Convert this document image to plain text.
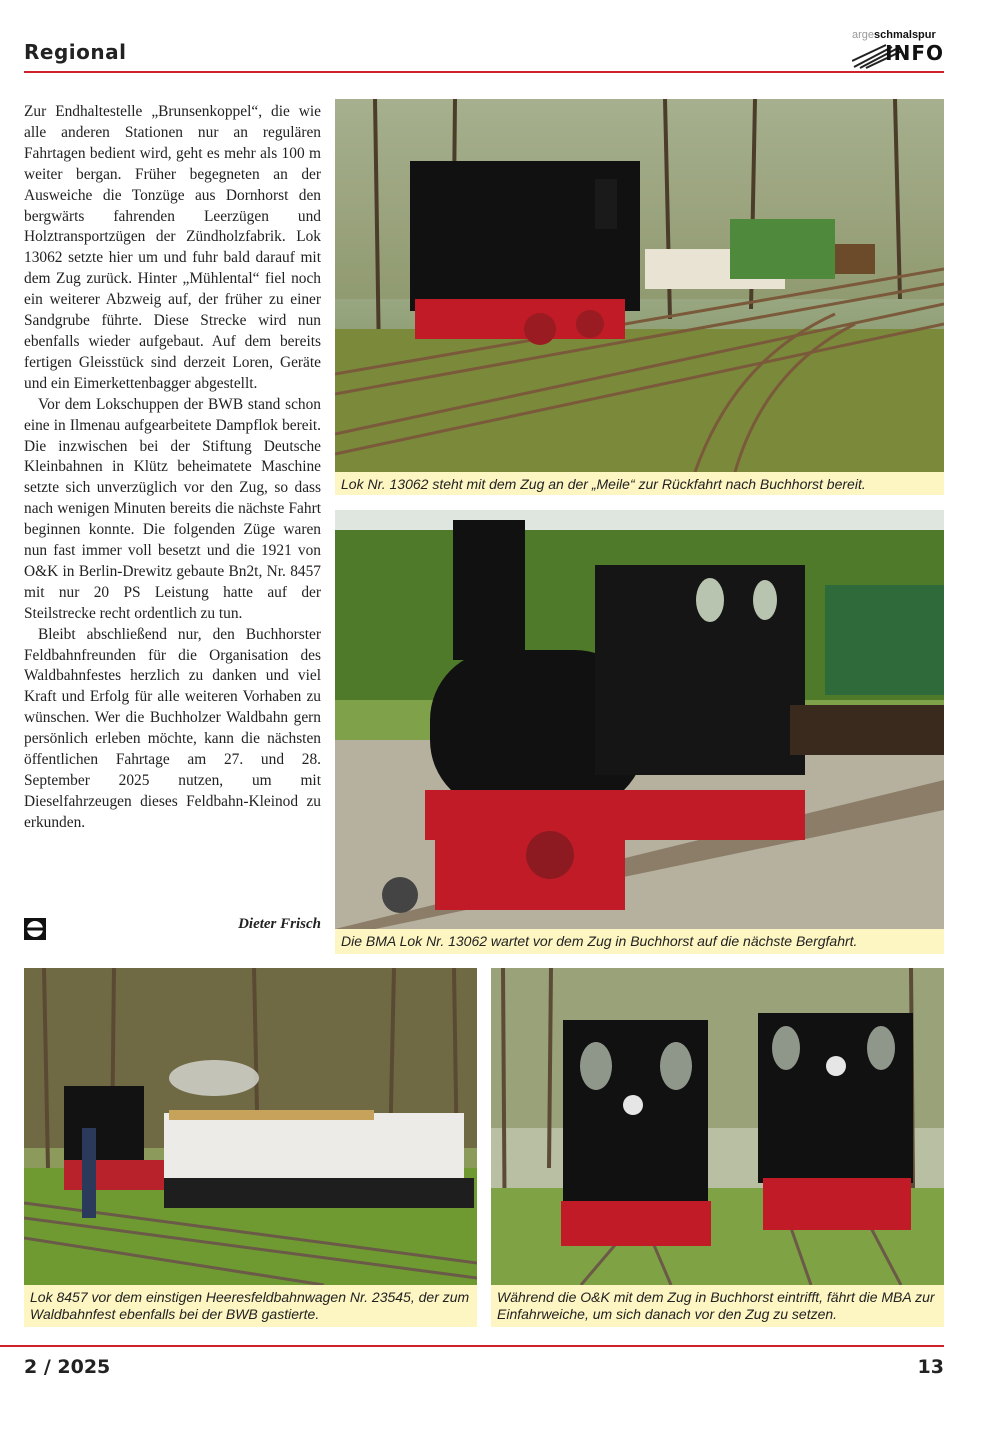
Regional
argeschmalspur
INFO

Zur Endhaltestelle „Brunsenkoppel“, die wie alle anderen Stationen nur an regulären Fahrtagen bedient wird, geht es mehr als 100 m weiter bergan. Früher begegneten an der Ausweiche die Tonzüge aus Dornhorst den bergwärts fahrenden Leerzügen und Holztransportzügen der Zündholzfabrik. Lok 13062 setzte hier um und fuhr bald darauf mit dem Zug zurück. Hinter „Mühlental“ fiel noch ein weiterer Abzweig auf, der früher zu einer Sandgrube führte. Diese Strecke wird nun ebenfalls wieder aufgebaut. Auf dem bereits fertigen Gleisstück sind derzeit Loren, Geräte und ein Eimerkettenbagger abgestellt.

Vor dem Lokschuppen der BWB stand schon eine in Ilmenau aufgearbeitete Dampflok bereit. Die inzwischen bei der Stiftung Deutsche Kleinbahnen in Klütz beheimatete Maschine setzte sich unverzüglich vor den Zug, so dass nach wenigen Minuten bereits die nächste Fahrt beginnen konnte. Die folgenden Züge waren nun fast immer voll besetzt und die 1921 von O&K in Berlin-Drewitz gebaute Bn2t, Nr. 8457 mit nur 20 PS Leistung hatte auf der Steilstrecke recht ordentlich zu tun.

Bleibt abschließend nur, den Buchhorster Feldbahnfreunden für die Organisation des Waldbahnfestes herzlich zu danken und viel Kraft und Erfolg für alle weiteren Vorhaben zu wünschen. Wer die Buchholzer Waldbahn gern persönlich erleben möchte, kann die nächsten öffentlichen Fahrtage am 27. und 28. September 2025 nutzen, um mit Dieselfahrzeugen dieses Feldbahn-Kleinod zu erkunden.

Dieter Frisch
Lok Nr. 13062 steht mit dem Zug an der „Meile“ zur Rückfahrt nach Buchhorst bereit.
Die BMA Lok Nr. 13062 wartet vor dem Zug in Buchhorst auf die nächste Bergfahrt.
Lok 8457 vor dem einstigen Heeresfeldbahnwagen Nr. 23545, der zum Waldbahnfest ebenfalls bei der BWB gastierte.
Während die O&K mit dem Zug in Buchhorst eintrifft, fährt die MBA zur Einfahrweiche, um sich danach vor den Zug zu setzen.
2 / 2025	13
